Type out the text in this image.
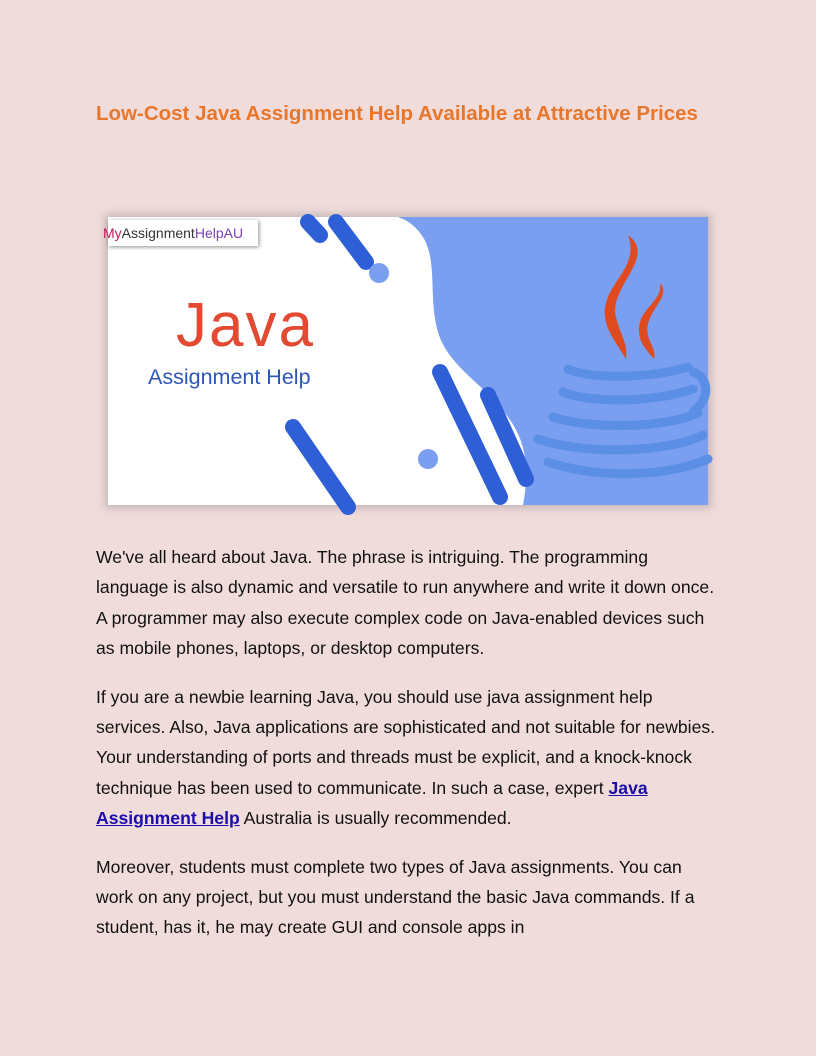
Low-Cost Java Assignment Help Available at Attractive Prices
My Assignment HelpAU
Java
Assignment Help

We've all heard about Java. The phrase is intriguing. The programming language is also dynamic and versatile to run anywhere and write it down once. A programmer may also execute complex code on Java-enabled devices such as mobile phones, laptops, or desktop computers.

If you are a newbie learning Java, you should use java assignment help services. Also, Java applications are sophisticated and not suitable for newbies. Your understanding of ports and threads must be explicit, and a knock-knock technique has been used to communicate. In such a case, expert Java Assignment Help Australia is usually recommended.

Moreover, students must complete two types of Java assignments. You can work on any project, but you must understand the basic Java commands. If a student, has it, he may create GUI and console apps in
